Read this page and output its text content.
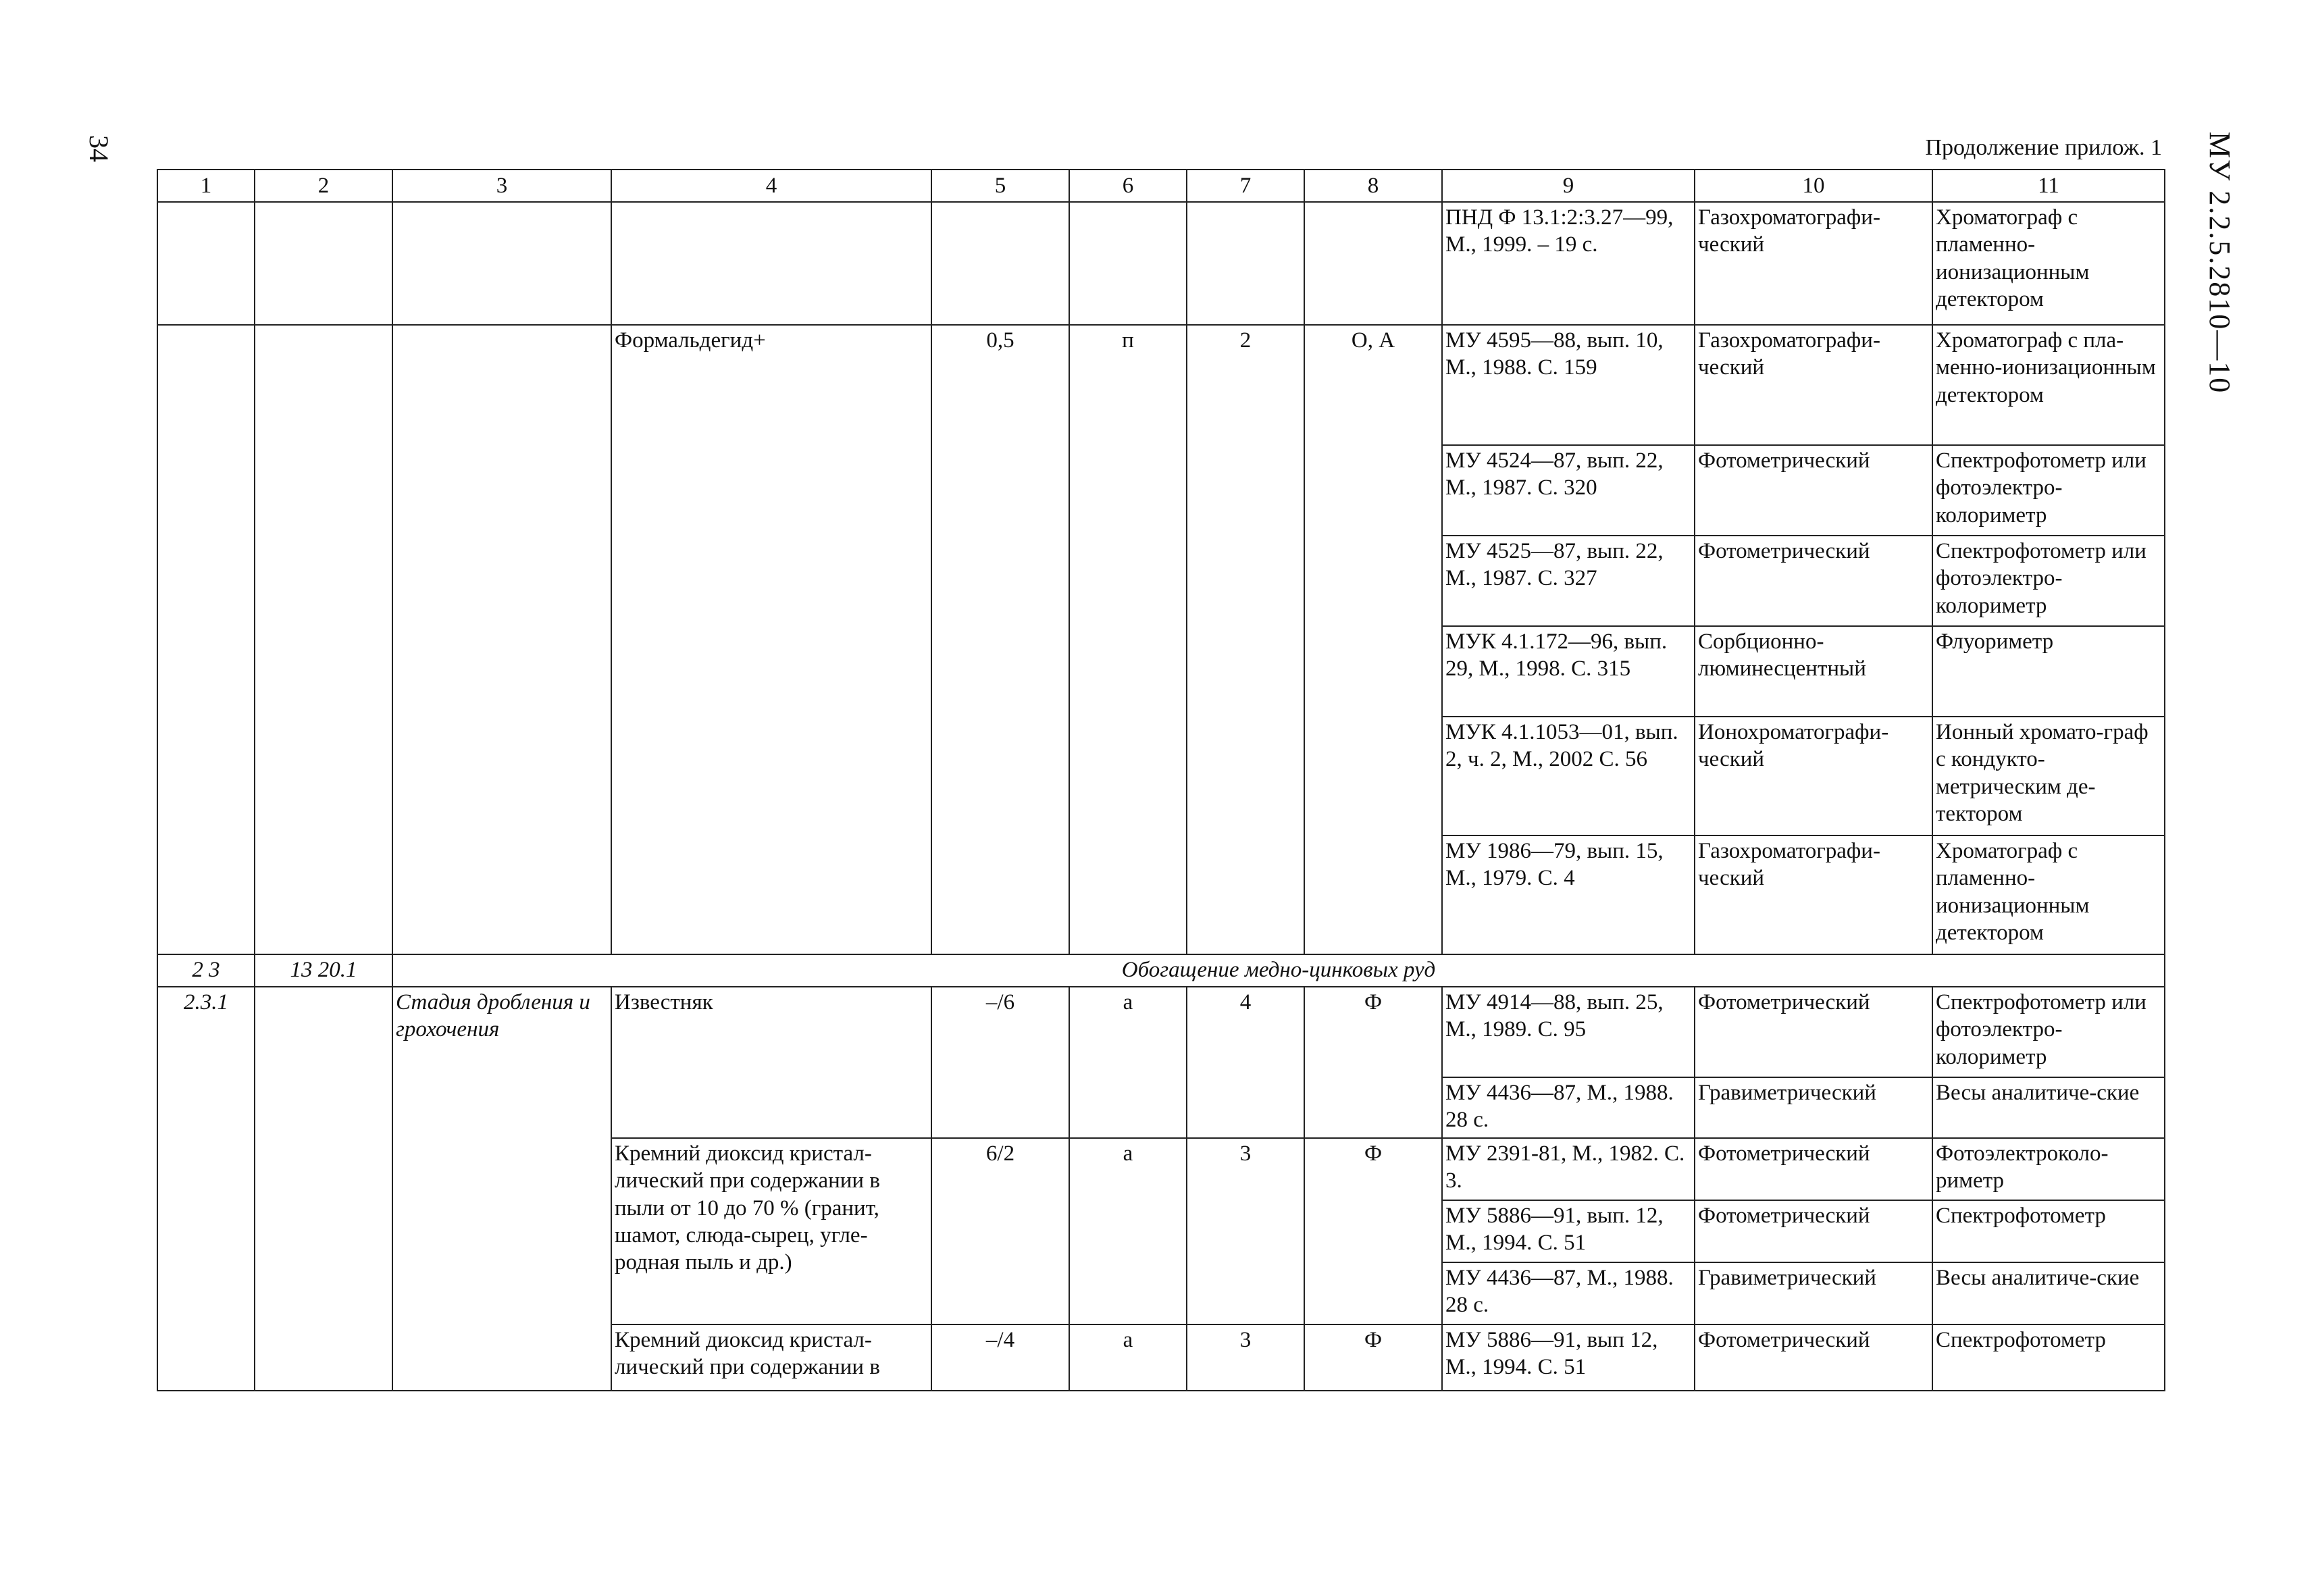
34	МУ 2.2.5.2810—10
Продолжение прилож. 1
1	2	3	4	5	6	7	8	9	10	11
								ПНД Ф 13.1:2:3.27—99, М., 1999. – 19 с.	Газохроматографи-ческий	Хроматограф с пламенно-ионизационным детектором
			Формальдегид+	0,5	п	2	О, А	МУ 4595—88, вып. 10, М., 1988. С. 159	Газохроматографи-ческий	Хроматограф с пла-менно-ионизационным детектором
								МУ 4524—87, вып. 22, М., 1987. С. 320	Фотометрический	Спектрофотометр или фотоэлектро-колориметр
								МУ 4525—87, вып. 22, М., 1987. С. 327	Фотометрический	Спектрофотометр или фотоэлектро-колориметр
								МУК 4.1.172—96, вып. 29, М., 1998. С. 315	Сорбционно-люминесцентный	Флуориметр
								МУК 4.1.1053—01, вып. 2, ч. 2, М., 2002 С. 56	Ионохроматографи-ческий	Ионный хромато-граф с кондукто-метрическим де-тектором
								МУ 1986—79, вып. 15, М., 1979. С. 4	Газохроматографи-ческий	Хроматограф с пламенно-ионизационным детектором
2 3	13 20.1	Обогащение медно-цинковых руд								
2.3.1		Стадия дробления и грохочения	Известняк	–/6	а	4	Ф	МУ 4914—88, вып. 25, М., 1989. С. 95	Фотометрический	Спектрофотометр или фотоэлектро-колориметр
								МУ 4436—87, М., 1988. 28 с.	Гравиметрический	Весы аналитиче-ские
			Кремний диоксид кристал-лический при содержании в пыли от 10 до 70 % (гранит, шамот, слюда-сырец, угле-родная пыль и др.)	6/2	а	3	Ф	МУ 2391-81, М., 1982. С. 3.	Фотометрический	Фотоэлектроколо-риметр
								МУ 5886—91, вып. 12, М., 1994. С. 51	Фотометрический	Спектрофотометр
								МУ 4436—87, М., 1988. 28 с.	Гравиметрический	Весы аналитиче-ские
			Кремний диоксид кристал-лический при содержании в	–/4	а	3	Ф	МУ 5886—91, вып 12, М., 1994. С. 51	Фотометрический	Спектрофотометр
